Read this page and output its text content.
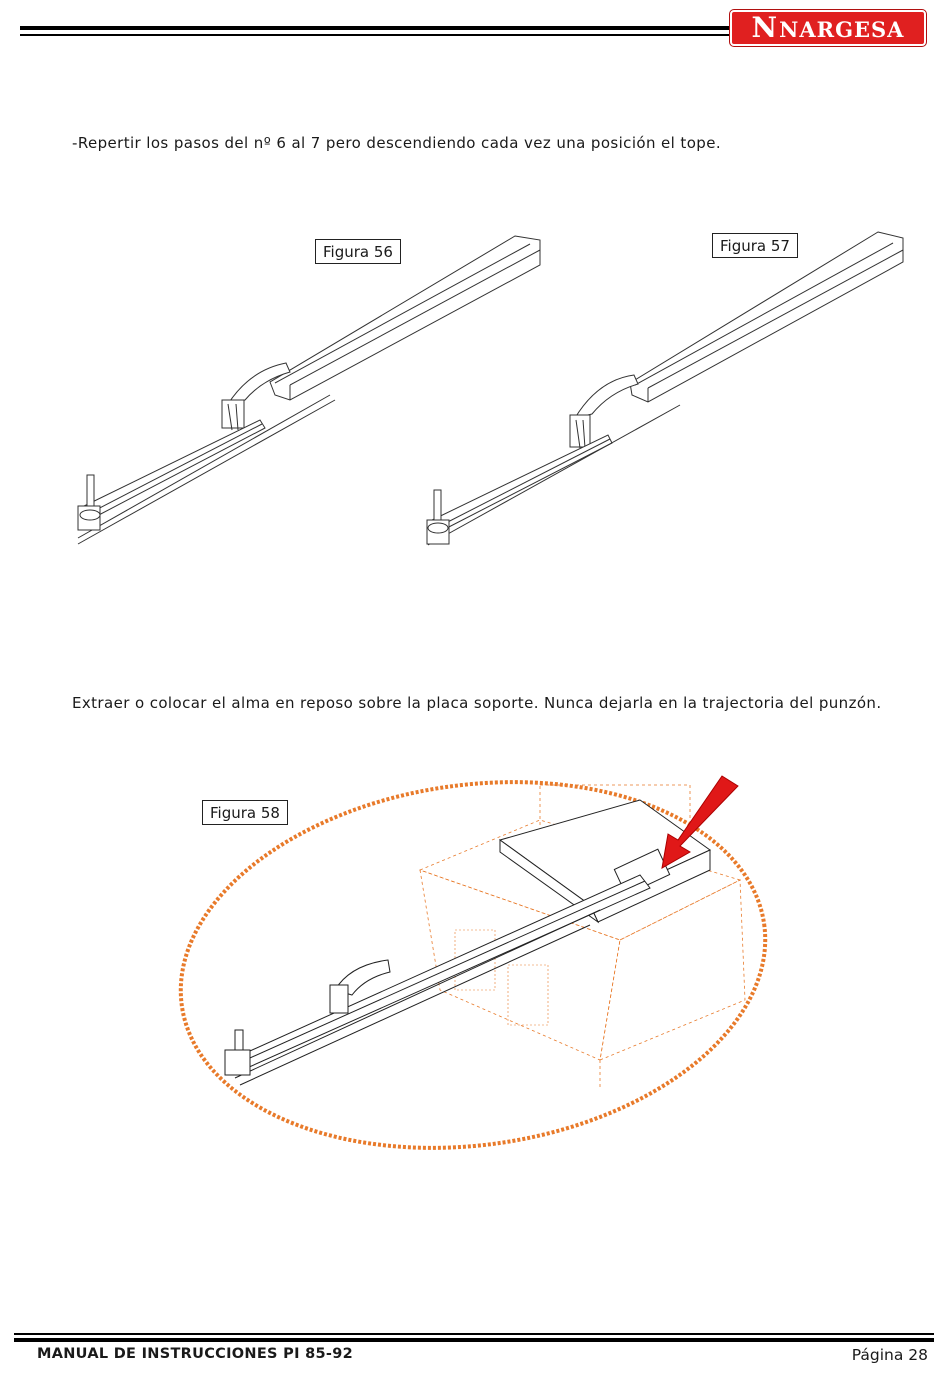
N NARGESA
-Repertir los pasos del nº 6 al 7 pero descendiendo cada vez una posición el tope.
Figura 56	Figura 57
Extraer o colocar el alma en reposo sobre la placa soporte. Nunca dejarla en la trajectoria del punzón.
Figura 58
MANUAL DE INSTRUCCIONES PI 85-92	Página 28
